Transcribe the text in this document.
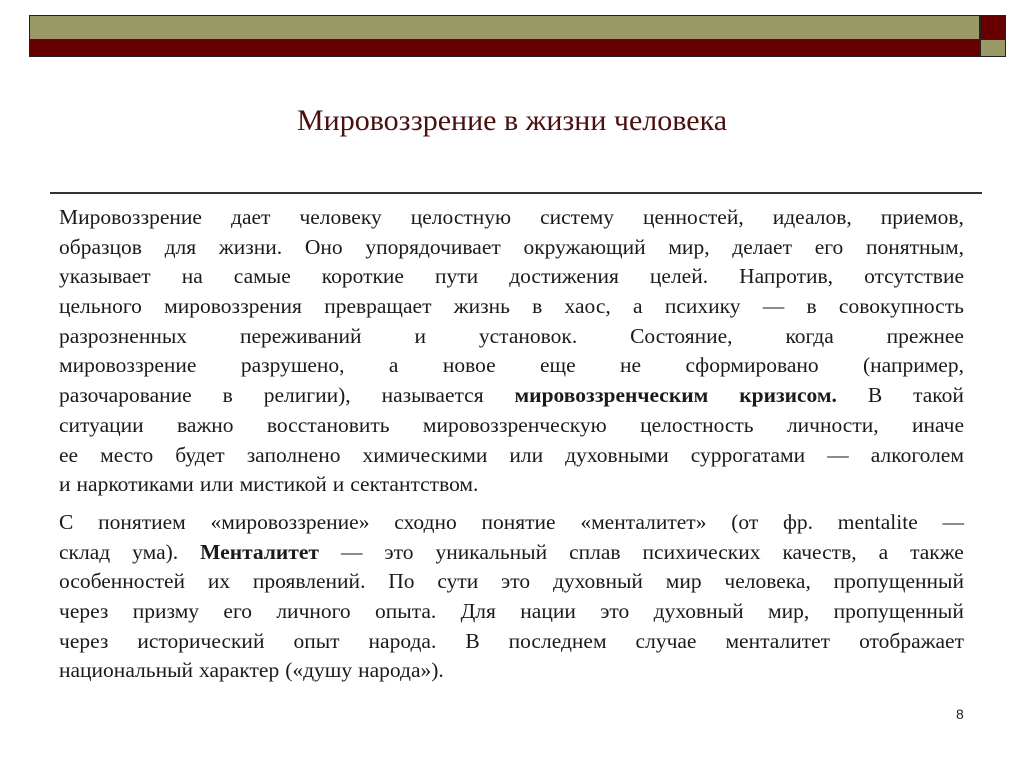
Мировоззрение в жизни человека
Мировоззрение дает человеку целостную систему ценностей, идеалов, приемов,
образцов для жизни. Оно упорядочивает окружающий мир, делает его понятным,
указывает на самые короткие пути достижения целей. Напротив, отсутствие
цельного мировоззрения превращает жизнь в хаос, а психику — в совокупность
разрозненных переживаний и установок. Состояние, когда прежнее
мировоззрение разрушено, а новое еще не сформировано (например,
разочарование в религии), называется мировоззренческим кризисом. В такой
ситуации важно восстановить мировоззренческую целостность личности, иначе
ее место будет заполнено химическими или духовными суррогатами — алкоголем
и наркотиками или мистикой и сектантством.
С понятием «мировоззрение» сходно понятие «менталитет» (от фр. mentalite —
склад ума). Менталитет — это уникальный сплав психических качеств, а также
особенностей их проявлений. По сути это духовный мир человека, пропущенный
через призму его личного опыта. Для нации это духовный мир, пропущенный
через исторический опыт народа. В последнем случае менталитет отображает
национальный характер («душу народа»).
8
